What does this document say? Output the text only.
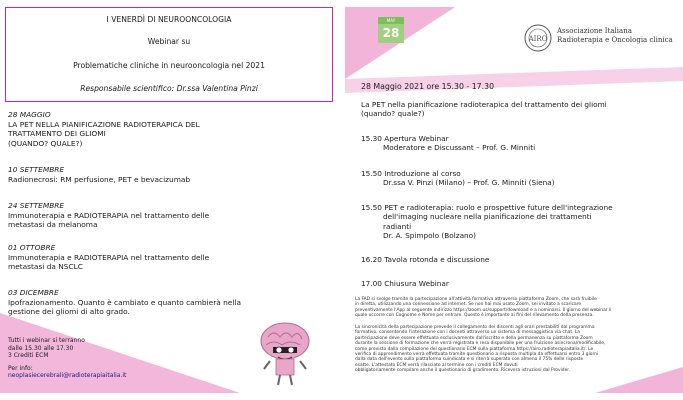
I VENERDÌ DI NEUROONCOLOGIA
Webinar su
Problematiche cliniche in neurooncologia nel 2021
Responsabile scientifico: Dr.ssa Valentina Pinzi
28 MAGGIO
LA PET NELLA PIANIFICAZIONE RADIOTERAPICA DEL
TRATTAMENTO DEI GLIOMI
(QUANDO? QUALE?)
10 SETTEMBRE
Radionecrosi: RM perfusione, PET e bevacizumab
24 SETTEMBRE
Immunoterapia e RADIOTERAPIA nel trattamento delle
metastasi da melanoma
01 OTTOBRE
Immunoterapia e RADIOTERAPIA nel trattamento delle
metastasi da NSCLC
03 DICEMBRE
Ipofrazionamento. Quanto è cambiato e quanto cambierà nella
gestione dei gliomi di alto grado.
Tutti i webinar si terranno
dalle 15.30 alle 17.30
3 Crediti ECM
Per info:
neoplasiecerebrali@radioterapiaitalia.it
MAY
28	AIRO
Associazione Italiana
Radioterapia e Oncologia clinica
28 Maggio 2021 ore 15.30 - 17.30
La PET nella pianificazione radioterapica del trattamento dei gliomi
(quando? quale?)
15.30 Apertura Webinar
Moderatore e Discussant – Prof. G. Minniti
15.50 Introduzione al corso
Dr.ssa V. Pinzi (Milano) – Prof. G. Minniti (Siena)
15.50 PET e radioterapia: ruolo e prospettive future dell'integrazione
dell'imaging nucleare nella pianificazione dei trattamenti
radianti
Dr. A. Spimpolo (Bolzano)
16.20 Tavola rotonda e discussione
17.00 Chiusura Webinar
La FAD si svolge tramite la partecipazione all'attività formativa attraverso piattaforma Zoom, che sarà fruibile
in diretta, utilizzando una connessione ad internet. Se non hai mai usato Zoom, sei invitato a scaricare
preventivamente l'App al seguente indirizzo https://zoom.us/support/download e a nominarsi. Il giorno del webinar il
quale occorre con Cognome e Nome per entrare. Questo è importante ai fini del rilevamento della presenza.
La sincronicità della partecipazione prevede il collegamento dei discenti agli orari prestabiliti dal programma
formativo, consentendo l'interazione con i docenti attraverso un sistema di messaggistica via chat. La
partecipazione deve essere effettuata esclusivamente dall'iscritto e della permanenza su piattaforma Zoom
durante la sessione di formazione che verrà registrata e resa disponibile per una fruizione asincrona/modificabile,
come previsto dalla compilazione del questionario ECM sulla piattaforma https://airo.radioterapiaitalia.it/. Le
verifica di apprendimento verrà effettuata tramite questionario a risposta multipla da effettuarsi entro 3 giorni
dalla data dell'evento sulla piattaforma suindicata e si riterrà superato con almeno il 75% delle risposte
esatte. L'attestato ECM verrà rilasciato al termine con i crediti ECM dovuti
obbligatoriamente compilare anche il questionario di gradimento. Ricevera istruzioni dal Provider.
